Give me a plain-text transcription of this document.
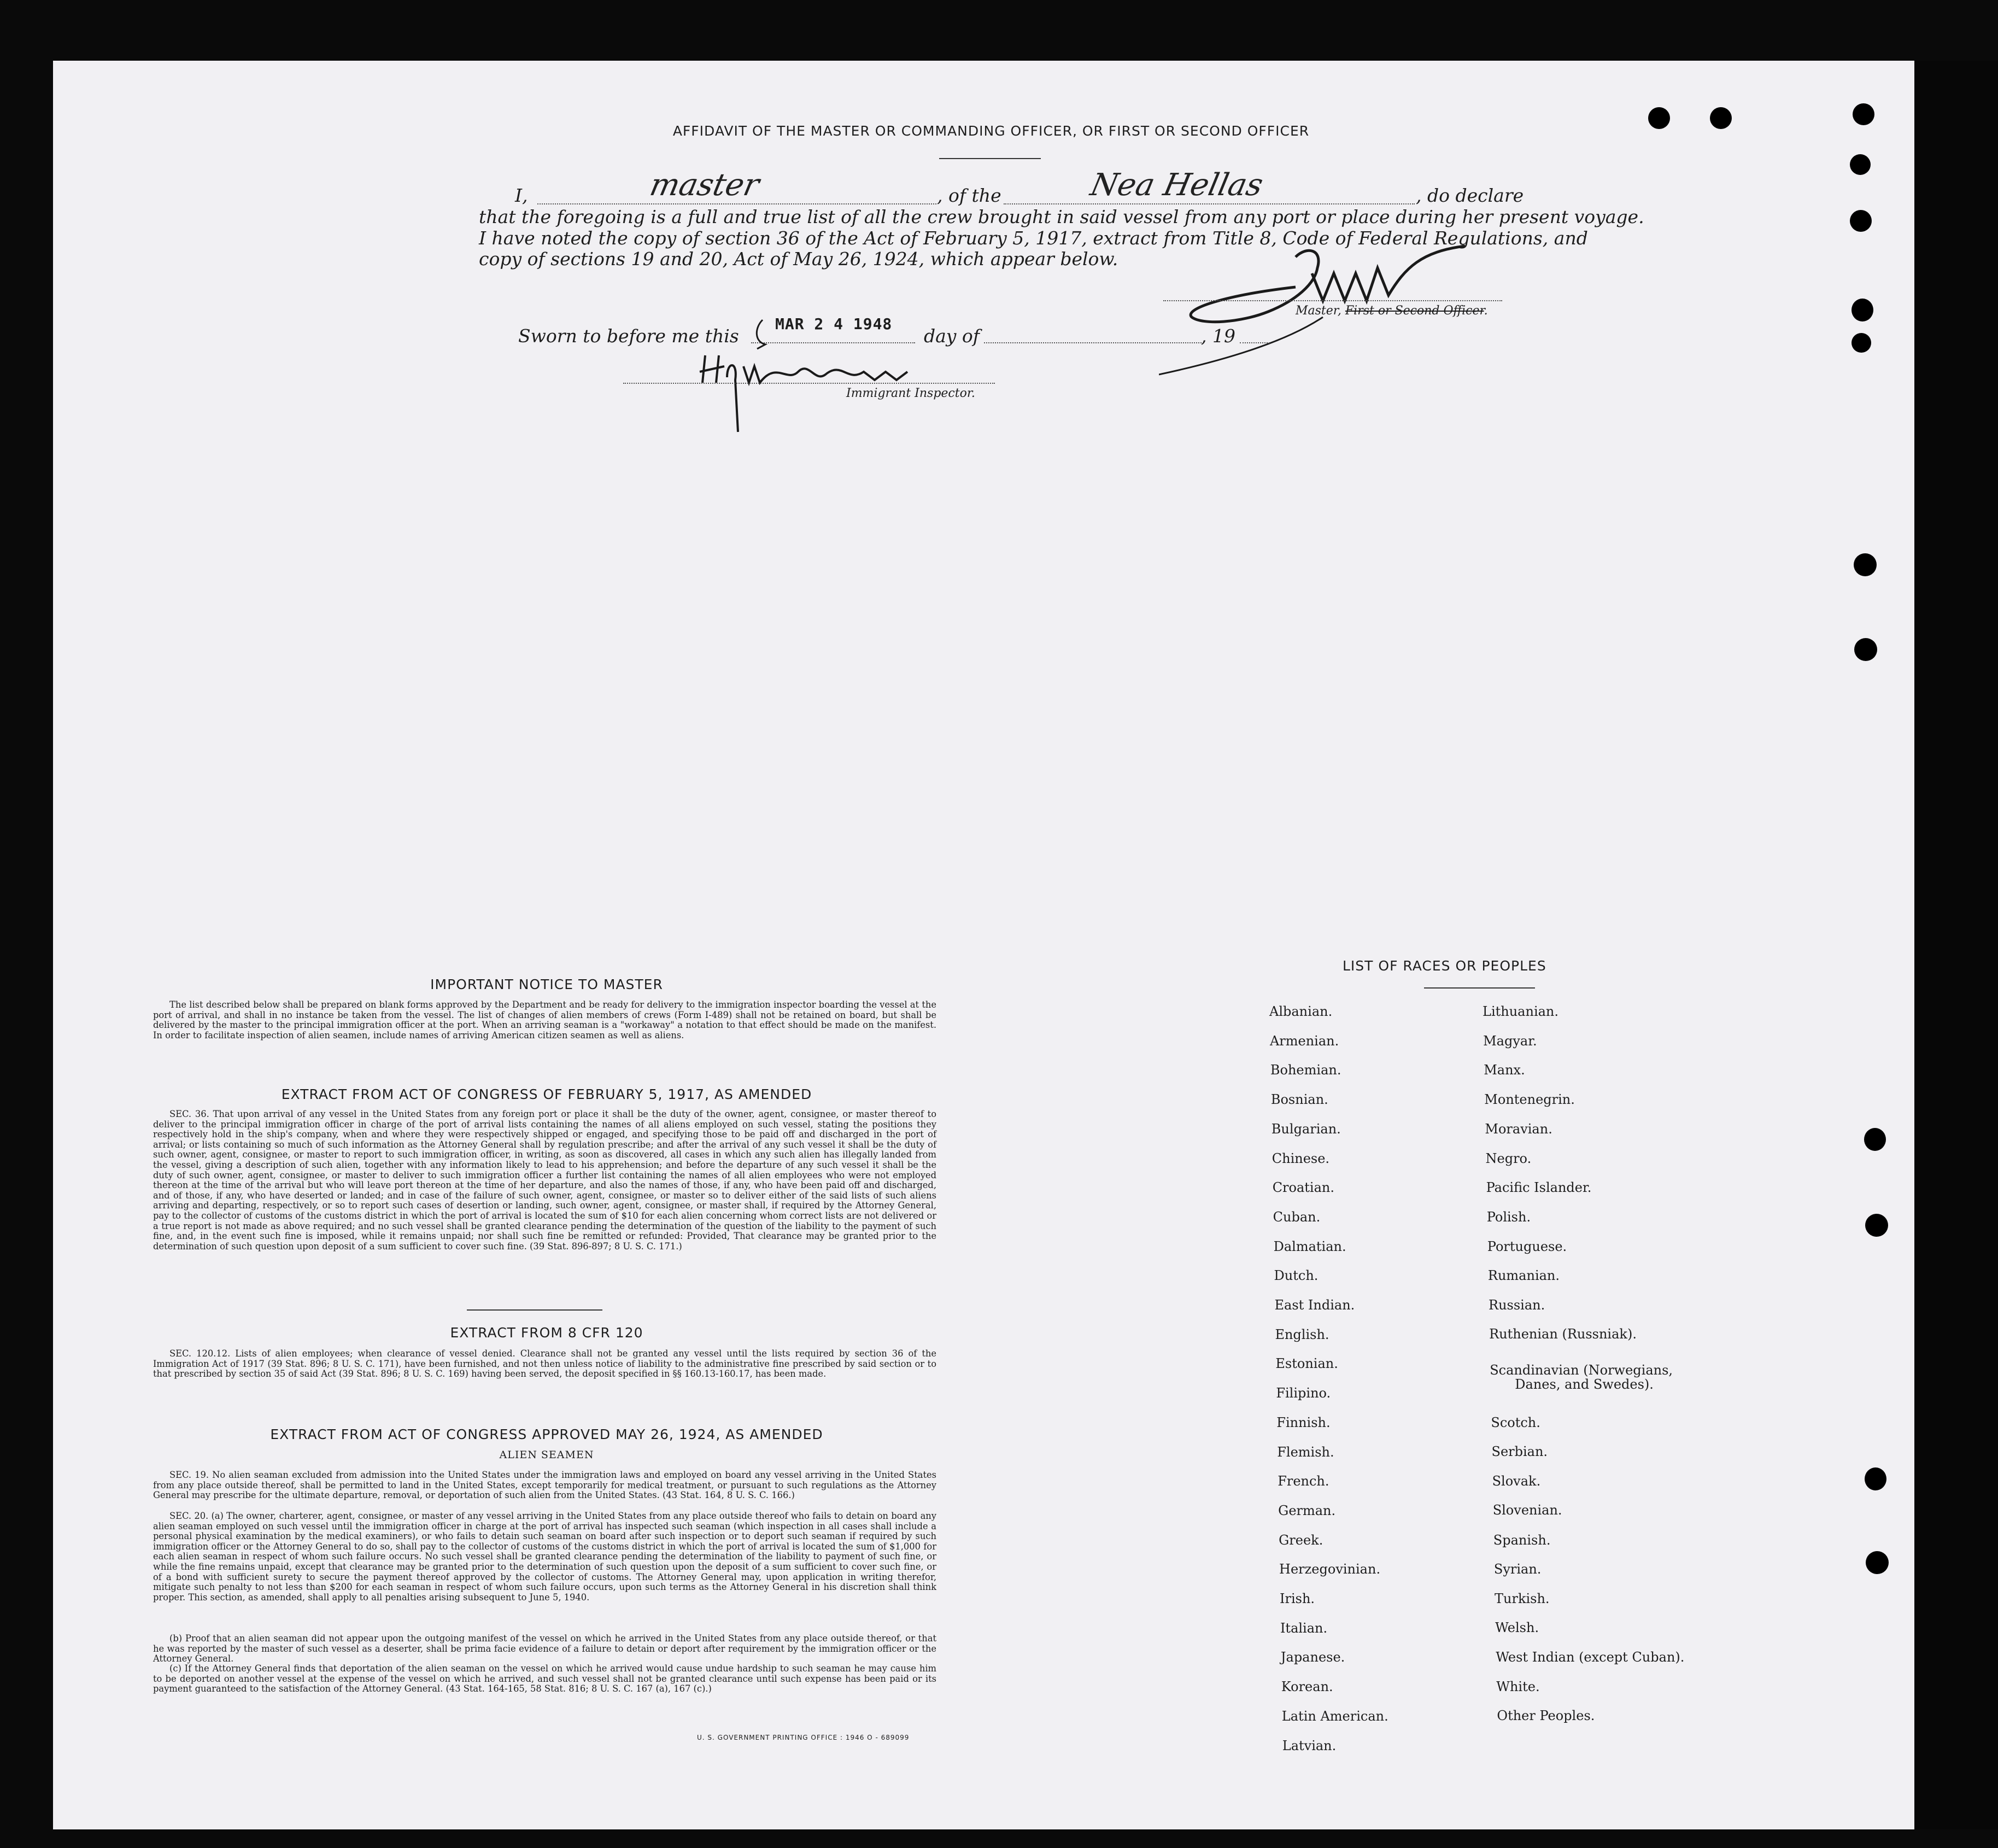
AFFIDAVIT OF THE MASTER OR COMMANDING OFFICER, OR FIRST OR SECOND OFFICER
I,	master	, of the	Nea Hellas	, do declare
that the foregoing is a full and true list of all the crew brought in said vessel from any port or place during her present voyage.
I have noted the copy of section 36 of the Act of February 5, 1917, extract from Title 8, Code of Federal Regulations, and
copy of sections 19 and 20, Act of May 26, 1924, which appear below.
Master, First or Second Officer.
Sworn to before me this
MAR 2 4 1948
day of	, 19
Immigrant Inspector.
IMPORTANT NOTICE TO MASTER
The list described below shall be prepared on blank forms approved by the Department and be ready for delivery to the immigration inspector boarding the vessel at the port of arrival, and shall in no instance be taken from the vessel. The list of changes of alien members of crews (Form I-489) shall not be retained on board, but shall be delivered by the master to the principal immigration officer at the port. When an arriving seaman is a "workaway" a notation to that effect should be made on the manifest. In order to facilitate inspection of alien seamen, include names of arriving American citizen seamen as well as aliens.
EXTRACT FROM ACT OF CONGRESS OF FEBRUARY 5, 1917, AS AMENDED
SEC. 36. That upon arrival of any vessel in the United States from any foreign port or place it shall be the duty of the owner, agent, consignee, or master thereof to deliver to the principal immigration officer in charge of the port of arrival lists containing the names of all aliens employed on such vessel, stating the positions they respectively hold in the ship's company, when and where they were respectively shipped or engaged, and specifying those to be paid off and discharged in the port of arrival; or lists containing so much of such information as the Attorney General shall by regulation prescribe; and after the arrival of any such vessel it shall be the duty of such owner, agent, consignee, or master to report to such immigration officer, in writing, as soon as discovered, all cases in which any such alien has illegally landed from the vessel, giving a description of such alien, together with any information likely to lead to his apprehension; and before the departure of any such vessel it shall be the duty of such owner, agent, consignee, or master to deliver to such immigration officer a further list containing the names of all alien employees who were not employed thereon at the time of the arrival but who will leave port thereon at the time of her departure, and also the names of those, if any, who have been paid off and discharged, and of those, if any, who have deserted or landed; and in case of the failure of such owner, agent, consignee, or master so to deliver either of the said lists of such aliens arriving and departing, respectively, or so to report such cases of desertion or landing, such owner, agent, consignee, or master shall, if required by the Attorney General, pay to the collector of customs of the customs district in which the port of arrival is located the sum of $10 for each alien concerning whom correct lists are not delivered or a true report is not made as above required; and no such vessel shall be granted clearance pending the determination of the question of the liability to the payment of such fine, and, in the event such fine is imposed, while it remains unpaid; nor shall such fine be remitted or refunded: Provided, That clearance may be granted prior to the determination of such question upon deposit of a sum sufficient to cover such fine. (39 Stat. 896-897; 8 U. S. C. 171.)
EXTRACT FROM 8 CFR 120
SEC. 120.12. Lists of alien employees; when clearance of vessel denied. Clearance shall not be granted any vessel until the lists required by section 36 of the Immigration Act of 1917 (39 Stat. 896; 8 U. S. C. 171), have been furnished, and not then unless notice of liability to the administrative fine prescribed by said section or to that prescribed by section 35 of said Act (39 Stat. 896; 8 U. S. C. 169) having been served, the deposit specified in §§ 160.13-160.17, has been made.
EXTRACT FROM ACT OF CONGRESS APPROVED MAY 26, 1924, AS AMENDED
ALIEN SEAMEN
SEC. 19. No alien seaman excluded from admission into the United States under the immigration laws and employed on board any vessel arriving in the United States from any place outside thereof, shall be permitted to land in the United States, except temporarily for medical treatment, or pursuant to such regulations as the Attorney General may prescribe for the ultimate departure, removal, or deportation of such alien from the United States. (43 Stat. 164, 8 U. S. C. 166.)
SEC. 20. (a) The owner, charterer, agent, consignee, or master of any vessel arriving in the United States from any place outside thereof who fails to detain on board any alien seaman employed on such vessel until the immigration officer in charge at the port of arrival has inspected such seaman (which inspection in all cases shall include a personal physical examination by the medical examiners), or who fails to detain such seaman on board after such inspection or to deport such seaman if required by such immigration officer or the Attorney General to do so, shall pay to the collector of customs of the customs district in which the port of arrival is located the sum of $1,000 for each alien seaman in respect of whom such failure occurs. No such vessel shall be granted clearance pending the determination of the liability to payment of such fine, or while the fine remains unpaid, except that clearance may be granted prior to the determination of such question upon the deposit of a sum sufficient to cover such fine, or of a bond with sufficient surety to secure the payment thereof approved by the collector of customs. The Attorney General may, upon application in writing therefor, mitigate such penalty to not less than $200 for each seaman in respect of whom such failure occurs, upon such terms as the Attorney General in his discretion shall think proper. This section, as amended, shall apply to all penalties arising subsequent to June 5, 1940.
(b) Proof that an alien seaman did not appear upon the outgoing manifest of the vessel on which he arrived in the United States from any place outside thereof, or that he was reported by the master of such vessel as a deserter, shall be prima facie evidence of a failure to detain or deport after requirement by the immigration officer or the Attorney General.
(c) If the Attorney General finds that deportation of the alien seaman on the vessel on which he arrived would cause undue hardship to such seaman he may cause him to be deported on another vessel at the expense of the vessel on which he arrived, and such vessel shall not be granted clearance until such expense has been paid or its payment guaranteed to the satisfaction of the Attorney General. (43 Stat. 164-165, 58 Stat. 816; 8 U. S. C. 167 (a), 167 (c).)
U. S. GOVERNMENT PRINTING OFFICE : 1946 O - 689099
LIST OF RACES OR PEOPLES
Albanian.
Armenian.
Bohemian.
Bosnian.
Bulgarian.
Chinese.
Croatian.
Cuban.
Dalmatian.
Dutch.
East Indian.
English.
Estonian.
Filipino.
Finnish.
Flemish.
French.
German.
Greek.
Herzegovinian.
Irish.
Italian.
Japanese.
Korean.
Latin American.
Latvian.
Lithuanian.
Magyar.
Manx.
Montenegrin.
Moravian.
Negro.
Pacific Islander.
Polish.
Portuguese.
Rumanian.
Russian.
Ruthenian (Russniak).
Scandinavian (Norwegians,
Danes, and Swedes).
Scotch.
Serbian.
Slovak.
Slovenian.
Spanish.
Syrian.
Turkish.
Welsh.
West Indian (except Cuban).
White.
Other Peoples.
